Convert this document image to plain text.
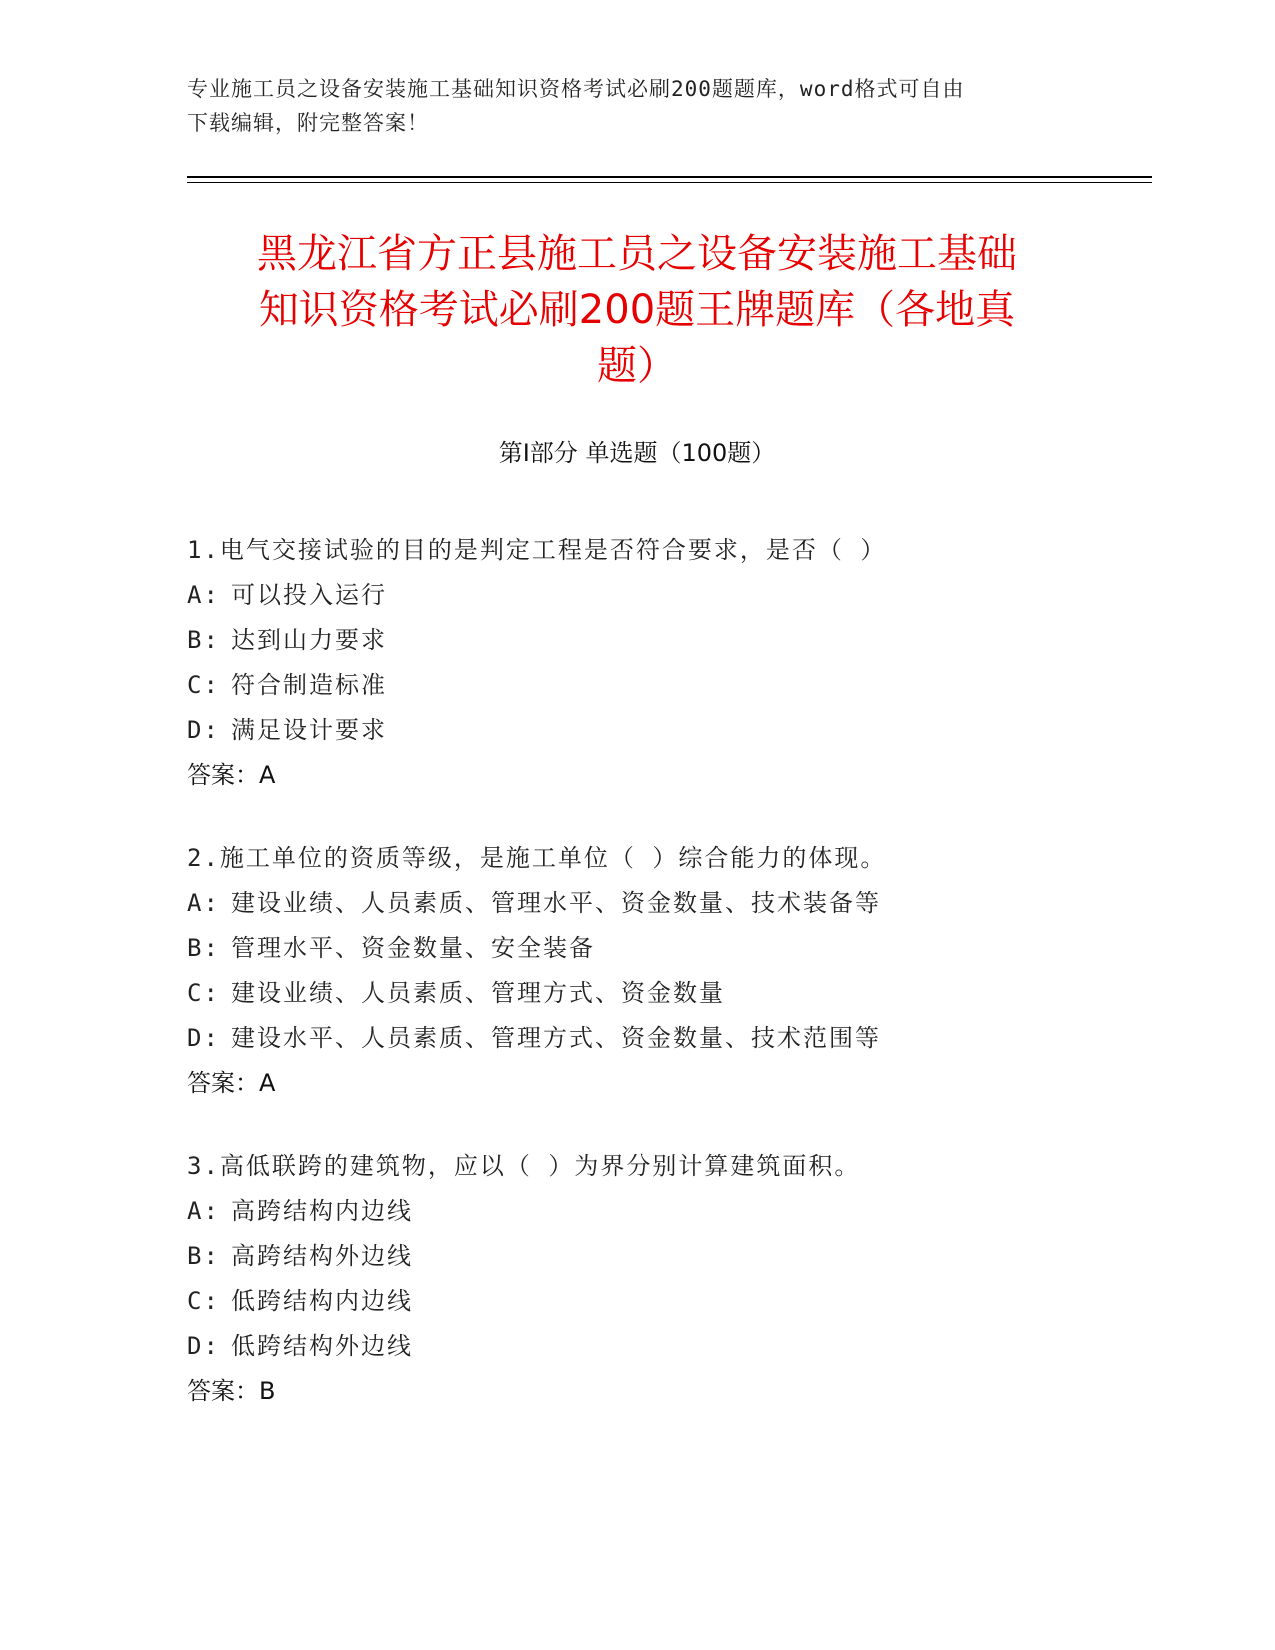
专业施工员之设备安装施工基础知识资格考试必刷200题题库，word格式可自由
下载编辑，附完整答案！
黑龙江省方正县施工员之设备安装施工基础
知识资格考试必刷200题王牌题库（各地真
题）
第Ⅰ部分 单选题（100题）
1.电气交接试验的目的是判定工程是否符合要求，是否（ ）
A: 可以投入运行
B: 达到山力要求
C: 符合制造标准
D: 满足设计要求
答案：A
2.施工单位的资质等级，是施工单位（ ）综合能力的体现。
A: 建设业绩、人员素质、管理水平、资金数量、技术装备等
B: 管理水平、资金数量、安全装备
C: 建设业绩、人员素质、管理方式、资金数量
D: 建设水平、人员素质、管理方式、资金数量、技术范围等
答案：A
3.高低联跨的建筑物，应以（ ）为界分别计算建筑面积。
A: 高跨结构内边线
B: 高跨结构外边线
C: 低跨结构内边线
D: 低跨结构外边线
答案：B
